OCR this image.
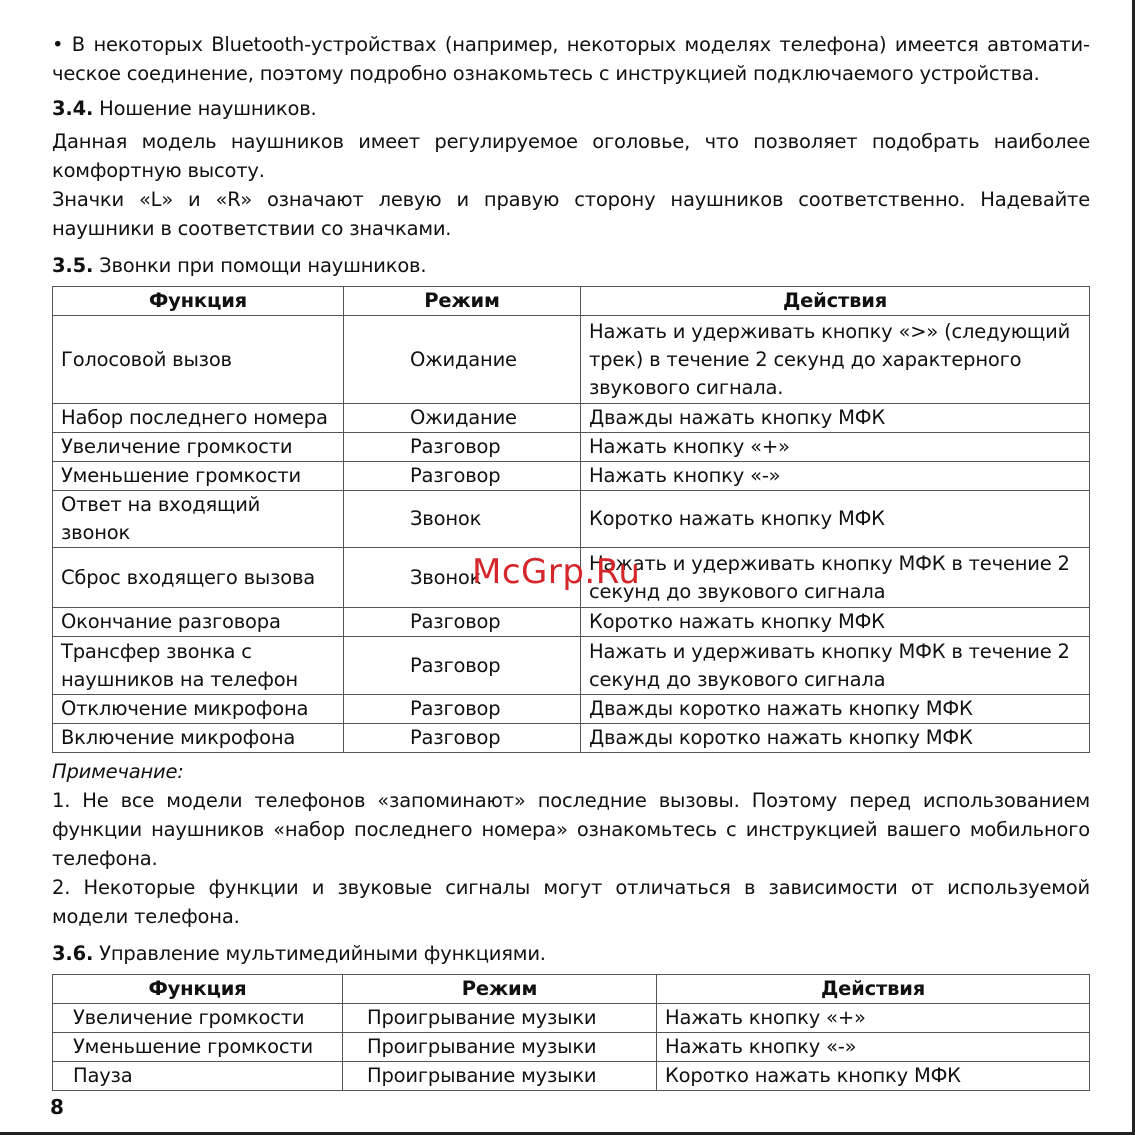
• В некоторых Bluetooth-устройствах (например, некоторых моделях телефона) имеется автоматическое соединение, поэтому подробно ознакомьтесь с инструкцией подключаемого устройства.

3.4. Ношение наушников.

Данная модель наушников имеет регулируемое оголовье, что позволяет подобрать наиболее комфортную высоту.

Значки «L» и «R» означают левую и правую сторону наушников соответственно. Надевайте наушники в соответствии со значками.

3.5. Звонки при помощи наушников.

Функция	Режим	Действия
Голосовой вызов	Ожидание	Нажать и удерживать кнопку «>» (следующий трек) в течение 2 секунд до характерного звукового сигнала.
Набор последнего номера	Ожидание	Дважды нажать кнопку МФК
Увеличение громкости	Разговор	Нажать кнопку «+»
Уменьшение громкости	Разговор	Нажать кнопку «-»
Ответ на входящий звонок	Звонок	Коротко нажать кнопку МФК
Сброс входящего вызова	Звонок	Нажать и удерживать кнопку МФК в течение 2 секунд до звукового сигнала
Окончание разговора	Разговор	Коротко нажать кнопку МФК
Трансфер звонка с наушников на телефон	Разговор	Нажать и удерживать кнопку МФК в течение 2 секунд до звукового сигнала
Отключение микрофона	Разговор	Дважды коротко нажать кнопку МФК
Включение микрофона	Разговор	Дважды коротко нажать кнопку МФК

Примечание:

1. Не все модели телефонов «запоминают» последние вызовы. Поэтому перед использованием функции наушников «набор последнего номера» ознакомьтесь с инструкцией вашего мобильного телефона.

2. Некоторые функции и звуковые сигналы могут отличаться в зависимости от используемой модели телефона.

3.6. Управление мультимедийными функциями.

Функция	Режим	Действия
Увеличение громкости	Проигрывание музыки	Нажать кнопку «+»
Уменьшение громкости	Проигрывание музыки	Нажать кнопку «-»
Пауза	Проигрывание музыки	Коротко нажать кнопку МФК
8
McGrp.Ru
